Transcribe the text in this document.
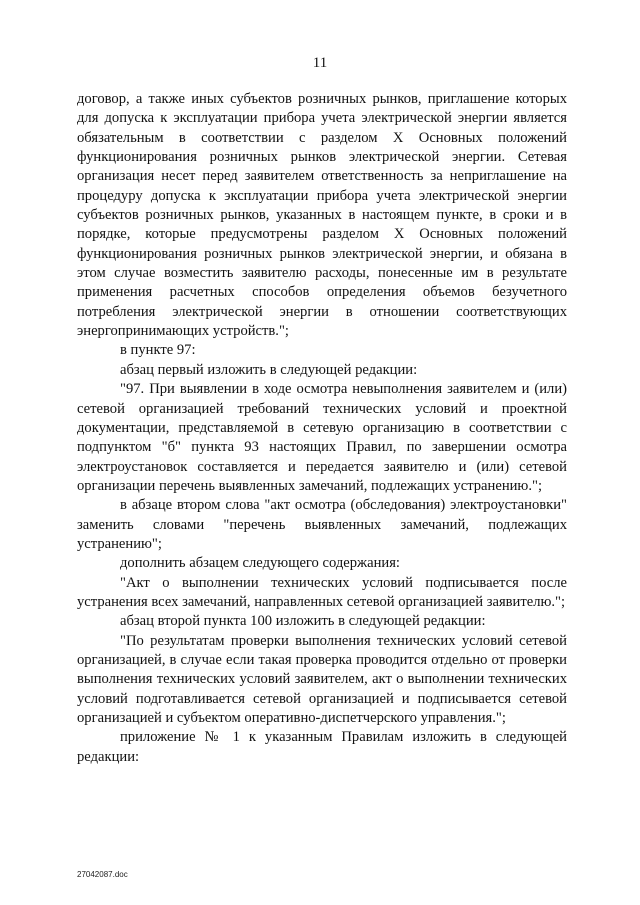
11

договор, а также иных субъектов розничных рынков, приглашение которых для допуска к эксплуатации прибора учета электрической энергии является обязательным в соответствии с разделом X Основных положений функционирования розничных рынков электрической энергии. Сетевая организация несет перед заявителем ответственность за неприглашение на процедуру допуска к эксплуатации прибора учета электрической энергии субъектов розничных рынков, указанных в настоящем пункте, в сроки и в порядке, которые предусмотрены разделом X Основных положений функционирования розничных рынков электрической энергии, и обязана в этом случае возместить заявителю расходы, понесенные им в результате применения расчетных способов определения объемов безучетного потребления электрической энергии в отношении соответствующих энергопринимающих устройств.";

в пункте 97:

абзац первый изложить в следующей редакции:

"97. При выявлении в ходе осмотра невыполнения заявителем и (или) сетевой организацией требований технических условий и проектной документации, представляемой в сетевую организацию в соответствии с подпунктом "б" пункта 93 настоящих Правил, по завершении осмотра электроустановок составляется и передается заявителю и (или) сетевой организации перечень выявленных замечаний, подлежащих устранению.";

в абзаце втором слова "акт осмотра (обследования) электроустановки" заменить словами "перечень выявленных замечаний, подлежащих устранению";

дополнить абзацем следующего содержания:

"Акт о выполнении технических условий подписывается после устранения всех замечаний, направленных сетевой организацией заявителю.";

абзац второй пункта 100 изложить в следующей редакции:

"По результатам проверки выполнения технических условий сетевой организацией, в случае если такая проверка проводится отдельно от проверки выполнения технических условий заявителем, акт о выполнении технических условий подготавливается сетевой организацией и подписывается сетевой организацией и субъектом оперативно-диспетчерского управления.";

приложение № 1 к указанным Правилам изложить в следующей редакции:

27042087.doc
